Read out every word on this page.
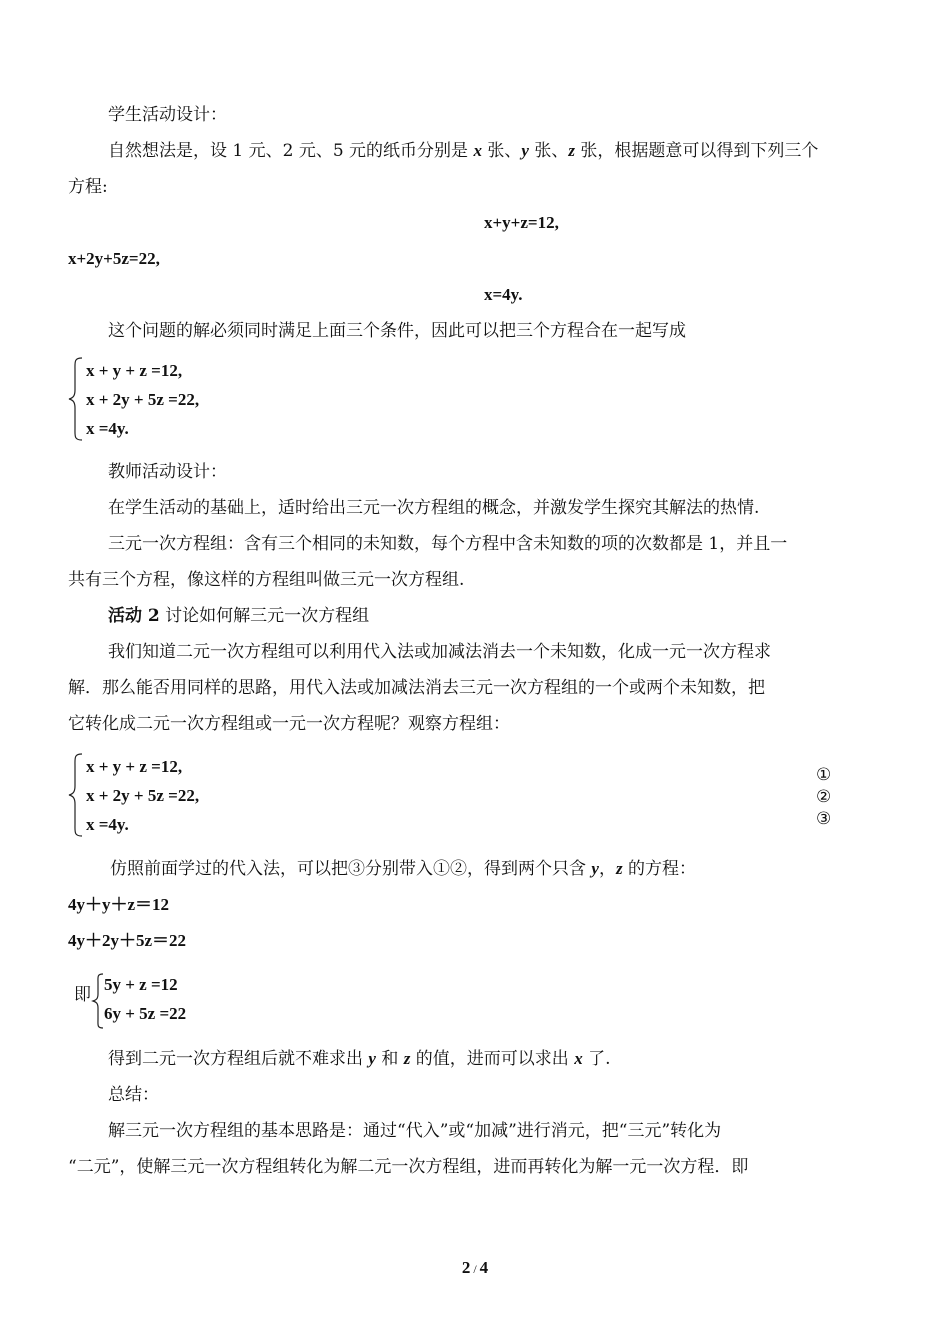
学生活动设计：
自然想法是，设 1 元、2 元、5 元的纸币分别是 x 张、y 张、z 张，根据题意可以得到下列三个
方程:
x+y+z=12,
x+2y+5z=22,
x=4y.
这个问题的解必须同时满足上面三个条件，因此可以把三个方程合在一起写成
x + y + z =12,
x + 2y + 5z =22,
x =4y.
教师活动设计：
在学生活动的基础上，适时给出三元一次方程组的概念，并激发学生探究其解法的热情.
三元一次方程组：含有三个相同的未知数，每个方程中含未知数的项的次数都是 1，并且一
共有三个方程，像这样的方程组叫做三元一次方程组.
活动 2 讨论如何解三元一次方程组
我们知道二元一次方程组可以利用代入法或加减法消去一个未知数，化成一元一次方程求
解．那么能否用同样的思路，用代入法或加减法消去三元一次方程组的一个或两个未知数，把
它转化成二元一次方程组或一元一次方程呢？观察方程组：
x + y + z =12,
x + 2y + 5z =22,
x =4y.
①
②
③
仿照前面学过的代入法，可以把③分别带入①②，得到两个只含 y，z 的方程：
4y＋y＋z＝12
4y＋2y＋5z＝22
即
5y + z =12
6y + 5z =22
得到二元一次方程组后就不难求出 y 和 z 的值，进而可以求出 x 了.
总结：
解三元一次方程组的基本思路是：通过“代入”或“加减”进行消元，把“三元”转化为
“二元”，使解三元一次方程组转化为解二元一次方程组，进而再转化为解一元一次方程．即
2 / 4
